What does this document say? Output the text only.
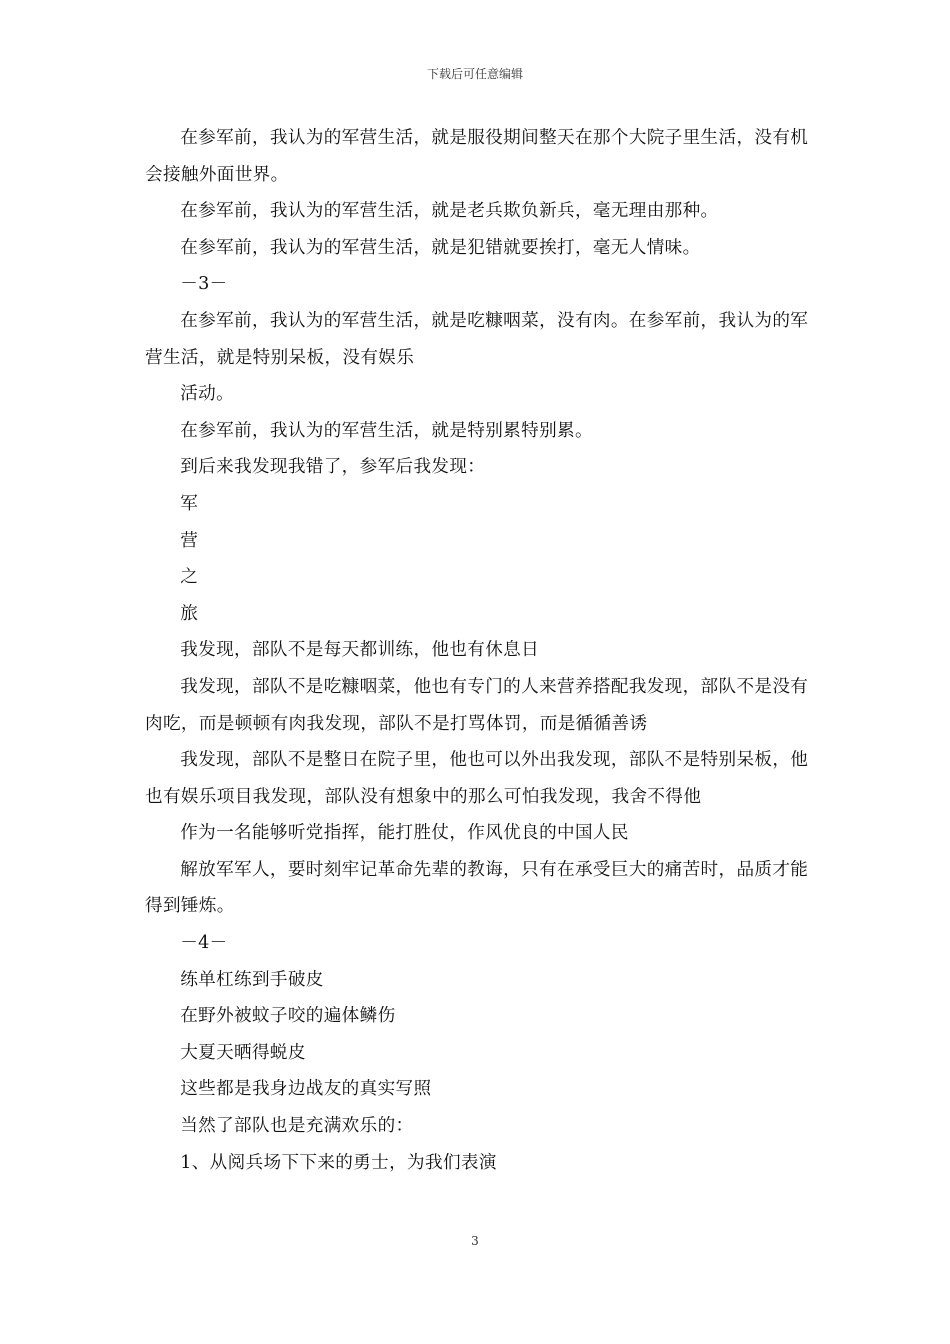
下载后可任意编辑

在参军前，我认为的军营生活，就是服役期间整天在那个大院子里生活，没有机会接触外面世界。

在参军前，我认为的军营生活，就是老兵欺负新兵，毫无理由那种。

在参军前，我认为的军营生活，就是犯错就要挨打，毫无人情味。

－3－

在参军前，我认为的军营生活，就是吃糠咽菜，没有肉。在参军前，我认为的军营生活，就是特别呆板，没有娱乐

活动。

在参军前，我认为的军营生活，就是特别累特别累。

到后来我发现我错了，参军后我发现：

军

营

之

旅

我发现，部队不是每天都训练，他也有休息日

我发现，部队不是吃糠咽菜，他也有专门的人来营养搭配我发现，部队不是没有肉吃，而是顿顿有肉我发现，部队不是打骂体罚，而是循循善诱

我发现，部队不是整日在院子里，他也可以外出我发现，部队不是特别呆板，他也有娱乐项目我发现，部队没有想象中的那么可怕我发现，我舍不得他

作为一名能够听党指挥，能打胜仗，作风优良的中国人民

解放军军人，要时刻牢记革命先辈的教诲，只有在承受巨大的痛苦时，品质才能得到锤炼。

－4－

练单杠练到手破皮

在野外被蚊子咬的遍体鳞伤

大夏天晒得蜕皮

这些都是我身边战友的真实写照

当然了部队也是充满欢乐的：

1、从阅兵场下下来的勇士，为我们表演

3
